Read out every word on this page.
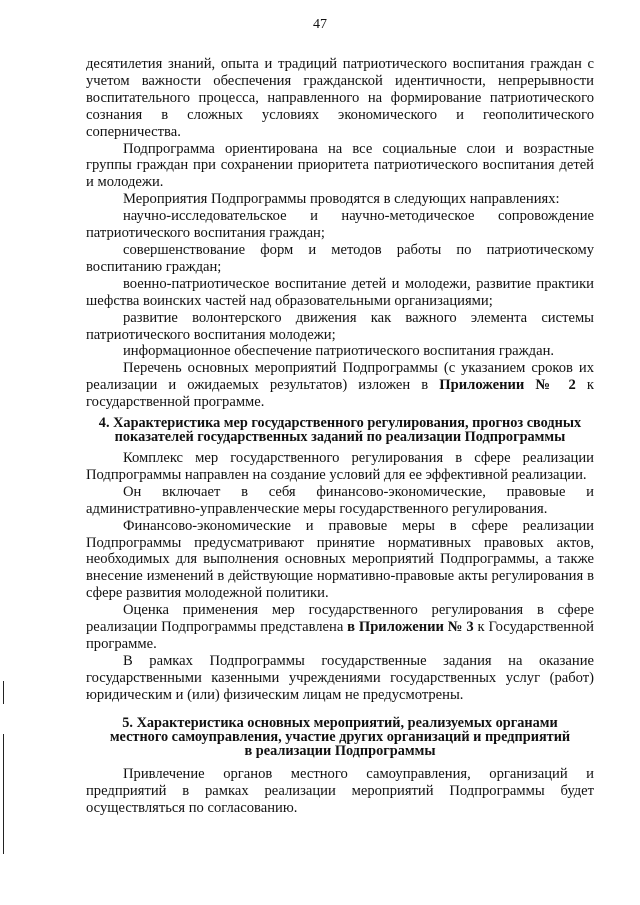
47

десятилетия знаний, опыта и традиций патриотического воспитания граждан с учетом важности обеспечения гражданской идентичности, непрерывности воспитательного процесса, направленного на формирование патриотического сознания в сложных условиях экономического и геополитического соперничества.

Подпрограмма ориентирована на все социальные слои и возрастные группы граждан при сохранении приоритета патриотического воспитания детей и молодежи.

Мероприятия Подпрограммы проводятся в следующих направлениях:

научно-исследовательское и научно-методическое сопровождение патриотического воспитания граждан;

совершенствование форм и методов работы по патриотическому воспитанию граждан;

военно-патриотическое воспитание детей и молодежи, развитие практики шефства воинских частей над образовательными организациями;

развитие волонтерского движения как важного элемента системы патриотического воспитания молодежи;

информационное обеспечение патриотического воспитания граждан.

Перечень основных мероприятий Подпрограммы (с указанием сроков их реализации и ожидаемых результатов) изложен в Приложении № 2 к государственной программе.

4. Характеристика мер государственного регулирования, прогноз сводных
показателей государственных заданий по реализации Подпрограммы

Комплекс мер государственного регулирования в сфере реализации Подпрограммы направлен на создание условий для ее эффективной реализации.

Он включает в себя финансово-экономические, правовые и административно-управленческие меры государственного регулирования.

Финансово-экономические и правовые меры в сфере реализации Подпрограммы предусматривают принятие нормативных правовых актов, необходимых для выполнения основных мероприятий Подпрограммы, а также внесение изменений в действующие нормативно-правовые акты регулирования в сфере развития молодежной политики.

Оценка применения мер государственного регулирования в сфере реализации Подпрограммы представлена в Приложении № 3 к Государственной программе.

В рамках Подпрограммы государственные задания на оказание государственными казенными учреждениями государственных услуг (работ) юридическим и (или) физическим лицам не предусмотрены.

5. Характеристика основных мероприятий, реализуемых органами
местного самоуправления, участие других организаций и предприятий
в реализации Подпрограммы

Привлечение органов местного самоуправления, организаций и предприятий в рамках реализации мероприятий Подпрограммы будет осуществляться по согласованию.
